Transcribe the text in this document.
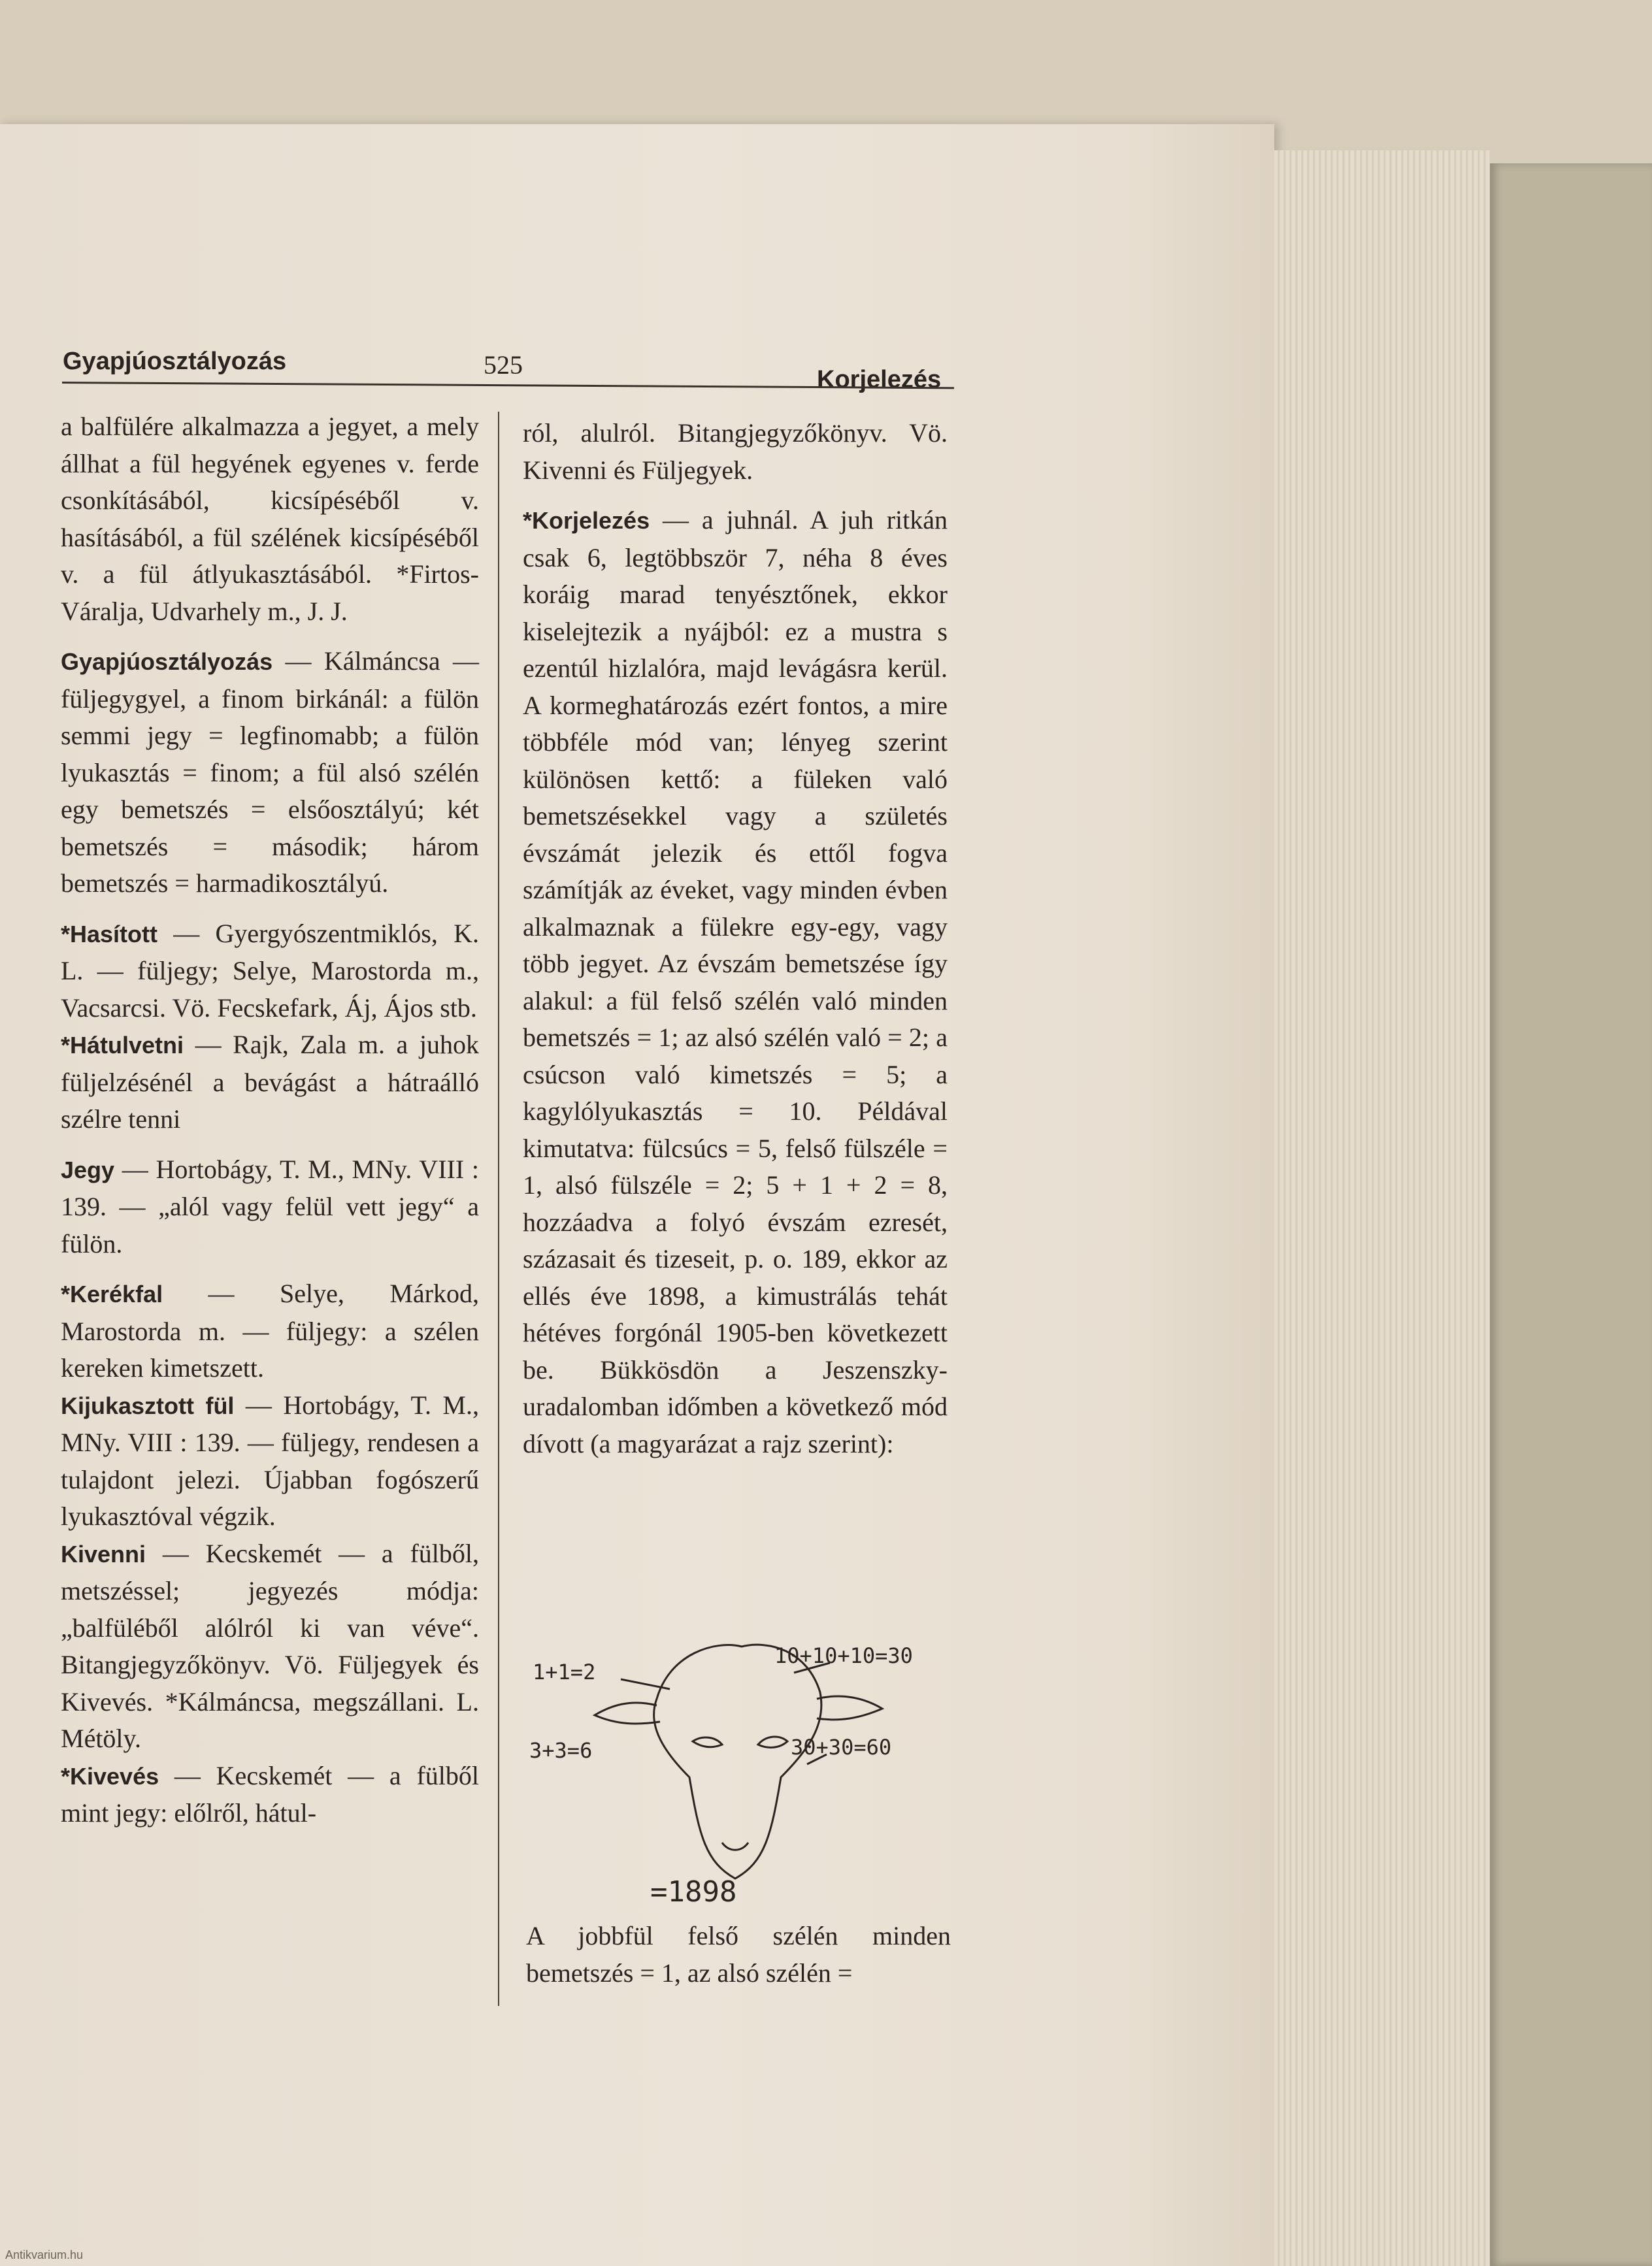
Gyapjúosztályozás	525	Korjelezés

a balfülére alkalmazza a jegyet, a mely állhat a fül hegyének egyenes v. ferde csonkításából, kicsípéséből v. hasításából, a fül szélének kicsípéséből v. a fül átlyukasztásából. *Firtos-Váralja, Udvarhely m., J. J.

Gyapjúosztályozás — Kálmáncsa — füljegygyel, a finom birkánál: a fülön semmi jegy = legfinomabb; a fülön lyukasztás = finom; a fül alsó szélén egy bemetszés = elsőosztályú; két bemetszés = második; három bemetszés = harmadikosztályú.

*Hasított — Gyergyószentmiklós, K. L. — füljegy; Selye, Marostorda m., Vacsarcsi. Vö. Fecskefark, Áj, Ájos stb.

*Hátulvetni — Rajk, Zala m. a juhok füljelzésénél a bevágást a hátraálló szélre tenni

Jegy — Hortobágy, T. M., MNy. VIII : 139. — „alól vagy felül vett jegy“ a fülön.

*Kerékfal — Selye, Márkod, Marostorda m. — füljegy: a szélen kereken kimetszett.

Kijukasztott fül — Hortobágy, T. M., MNy. VIII : 139. — füljegy, rendesen a tulajdont jelezi. Újabban fogószerű lyukasztóval végzik.

Kivenni — Kecskemét — a fülből, metszéssel; jegyezés módja: „balfüléből alólról ki van véve“. Bitangjegyzőkönyv. Vö. Füljegyek és Kivevés. *Kálmáncsa, megszállani. L. Métöly.

*Kivevés — Kecskemét — a fülből mint jegy: előlről, hátul-

ról, alulról. Bitangjegyzőkönyv. Vö. Kivenni és Füljegyek.

*Korjelezés — a juhnál. A juh ritkán csak 6, legtöbbször 7, néha 8 éves koráig marad tenyésztőnek, ekkor kiselejtezik a nyájból: ez a mustra s ezentúl hizlalóra, majd levágásra kerül. A kormeghatározás ezért fontos, a mire többféle mód van; lényeg szerint különösen kettő: a füleken való bemetszésekkel vagy a születés évszámát jelezik és ettől fogva számítják az éveket, vagy minden évben alkalmaznak a fülekre egy-egy, vagy több jegyet. Az évszám bemetszése így alakul: a fül felső szélén való minden bemetszés = 1; az alsó szélén való = 2; a csúcson való kimetszés = 5; a kagylólyukasztás = 10. Példával kimutatva: fülcsúcs = 5, felső fülszéle = 1, alsó fülszéle = 2; 5 + 1 + 2 = 8, hozzáadva a folyó évszám ezresét, százasait és tizeseit, p. o. 189, ekkor az ellés éve 1898, a kimustrálás tehát hétéves forgónál 1905-ben következett be. Bükkösdön a Jeszenszky-uradalomban időmben a következő mód dívott (a magyarázat a rajz szerint):

1+1=2
3+3=6
10+10+10=30
30+30=60
=1898
A jobbfül felső szélén minden bemetszés = 1, az alsó szélén =
Antikvarium.hu
